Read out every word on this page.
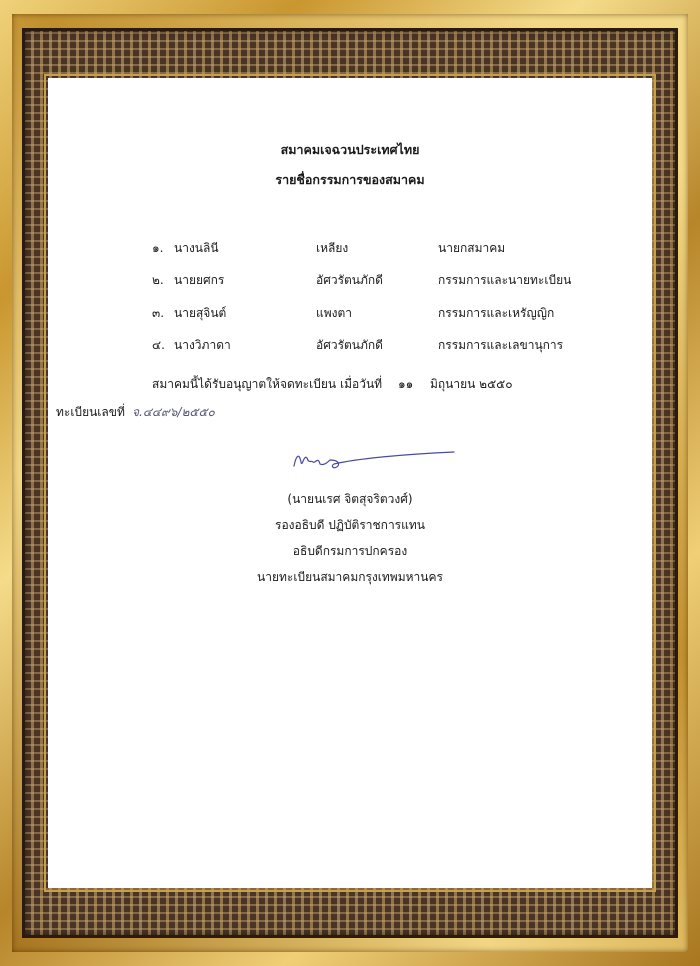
สมาคมเจฉวนประเทศไทย
รายชื่อกรรมการของสมาคม
๑. นางนลินี	เหลียง	นายกสมาคม
๒. นายยศกร	อัศวรัตนภักดี	กรรมการและนายทะเบียน
๓. นายสุจินต์	แพงตา	กรรมการและเหรัญญิก
๔. นางวิภาดา	อัศวรัตนภักดี	กรรมการและเลขานุการ
สมาคมนี้ได้รับอนุญาตให้จดทะเบียน เมื่อวันที่ ๑๑ มิถุนายน ๒๕๕๐
ทะเบียนเลขที่ จ.๔๔๙๖/๒๕๕๐
(นายนเรศ จิตสุจริตวงศ์)
รองอธิบดี ปฏิบัติราชการแทน
อธิบดีกรมการปกครอง
นายทะเบียนสมาคมกรุงเทพมหานคร
